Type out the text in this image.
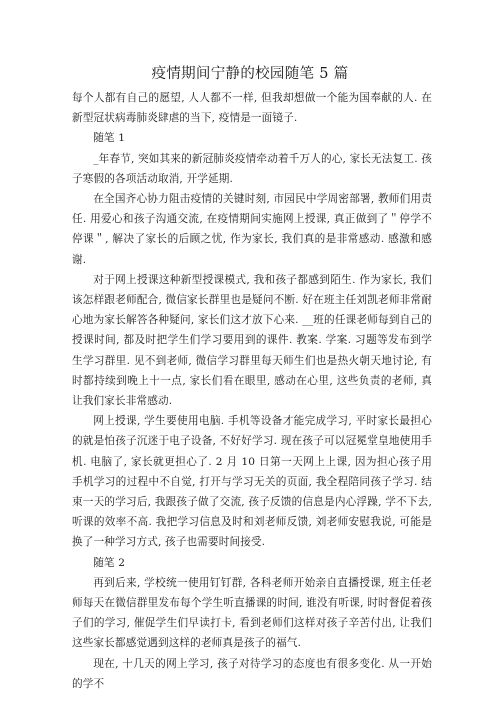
疫情期间宁静的校园随笔 5 篇

每个人都有自己的愿望, 人人都不一样, 但我却想做一个能为国奉献的人. 在新型冠状病毒肺炎肆虐的当下, 疫情是一面镜子.

随笔 1

_年春节, 突如其来的新冠肺炎疫情牵动着千万人的心, 家长无法复工. 孩子寒假的各项活动取消, 开学延期.

在全国齐心协力阻击疫情的关键时刻, 市园民中学周密部署, 教师们用责任. 用爱心和孩子沟通交流, 在疫情期间实施网上授课, 真正做到了＂停学不停课＂, 解决了家长的后顾之忧, 作为家长, 我们真的是非常感动. 感激和感谢.

对于网上授课这种新型授课模式, 我和孩子都感到陌生. 作为家长, 我们该怎样跟老师配合, 微信家长群里也是疑问不断. 好在班主任刘凯老师非常耐心地为家长解答各种疑问, 家长们这才放下心来. __班的任课老师每到自己的授课时间, 都及时把学生们学习要用到的课件. 教案. 学案. 习题等发布到学生学习群里. 见不到老师, 微信学习群里每天师生们也是热火朝天地讨论, 有时都持续到晚上十一点, 家长们看在眼里, 感动在心里, 这些负责的老师, 真让我们家长非常感动.

网上授课, 学生要使用电脑. 手机等设备才能完成学习, 平时家长最担心的就是怕孩子沉迷于电子设备, 不好好学习. 现在孩子可以冠冕堂皇地使用手机. 电脑了, 家长就更担心了. 2 月 10 日第一天网上上课, 因为担心孩子用手机学习的过程中不自觉, 打开与学习无关的页面, 我全程陪同孩子学习. 结束一天的学习后, 我跟孩子做了交流, 孩子反馈的信息是内心浮躁, 学不下去, 听课的效率不高. 我把学习信息及时和刘老师反馈, 刘老师安慰我说, 可能是换了一种学习方式, 孩子也需要时间接受.

随笔 2

再到后来, 学校统一使用钉钉群, 各科老师开始亲自直播授课, 班主任老师每天在微信群里发布每个学生听直播课的时间, 谁没有听课, 时时督促着孩子们的学习, 催促学生们早读打卡, 看到老师们这样对孩子辛苦付出, 让我们这些家长都感觉遇到这样的老师真是孩子的福气.

现在, 十几天的网上学习, 孩子对待学习的态度也有很多变化. 从一开始的学不
